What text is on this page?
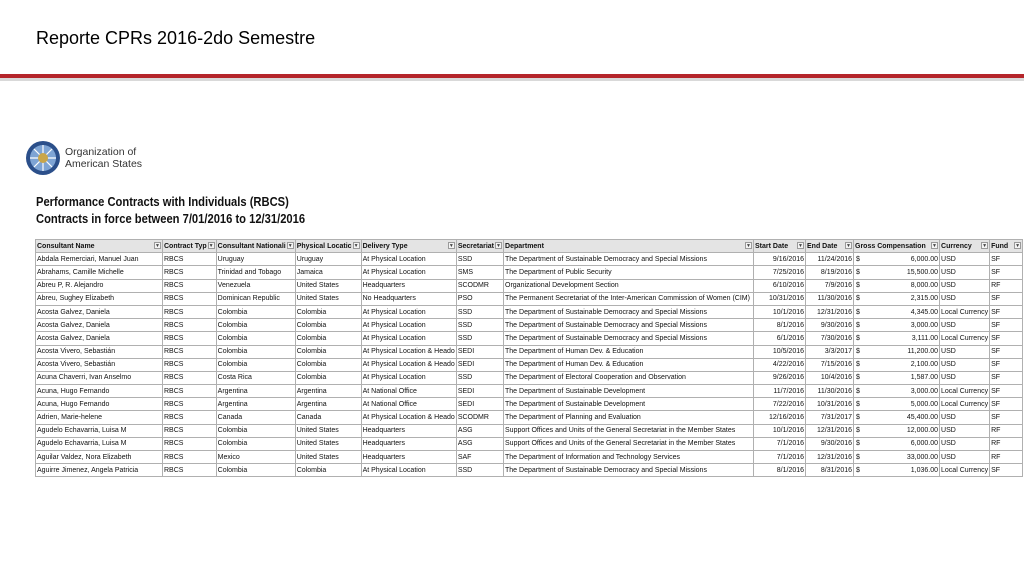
Reporte CPRs 2016-2do Semestre
Organization of
American States
Performance Contracts with Individuals (RBCS)
Contracts in force between 7/01/2016 to 12/31/2016
Consultant Name ▼	Contract Typ ▼	Consultant Nationali ▼	Physical Locatic ▼	Delivery Type ▼	Secretariat ▼	Department ▼	Start Date ▼	End Date ▼	Gross Compensation ▼	Currency ▼	Fund ▼

Abdala Remerciari, Manuel Juan	RBCS	Uruguay	Uruguay	At Physical Location	SSD	The Department of Sustainable Democracy and Special Missions	9/16/2016	11/24/2016	$ 6,000.00	USD	SF
Abrahams, Camille Michelle	RBCS	Trinidad and Tobago	Jamaica	At Physical Location	SMS	The Department of Public Security	7/25/2016	8/19/2016	$ 15,500.00	USD	SF
Abreu P, R. Alejandro	RBCS	Venezuela	United States	Headquarters	SCODMR	Organizational Development Section	6/10/2016	7/9/2016	$ 8,000.00	USD	RF
Abreu, Sughey Elizabeth	RBCS	Dominican Republic	United States	No Headquarters	PSO	The Permanent Secretariat of the Inter-American Commission of Women (CIM)	10/31/2016	11/30/2016	$ 2,315.00	USD	SF
Acosta Galvez, Daniela	RBCS	Colombia	Colombia	At Physical Location	SSD	The Department of Sustainable Democracy and Special Missions	10/1/2016	12/31/2016	$ 4,345.00	Local Currency	SF
Acosta Galvez, Daniela	RBCS	Colombia	Colombia	At Physical Location	SSD	The Department of Sustainable Democracy and Special Missions	8/1/2016	9/30/2016	$ 3,000.00	USD	SF
Acosta Galvez, Daniela	RBCS	Colombia	Colombia	At Physical Location	SSD	The Department of Sustainable Democracy and Special Missions	6/1/2016	7/30/2016	$ 3,111.00	Local Currency	SF
Acosta Vivero, Sebastián	RBCS	Colombia	Colombia	At Physical Location & Heado	SEDI	The Department of Human Dev. & Education	10/5/2016	3/3/2017	$ 11,200.00	USD	SF
Acosta Vivero, Sebastián	RBCS	Colombia	Colombia	At Physical Location & Heado	SEDI	The Department of Human Dev. & Education	4/22/2016	7/15/2016	$ 2,100.00	USD	SF
Acuna Chaverri, Ivan Anselmo	RBCS	Costa Rica	Colombia	At Physical Location	SSD	The Department of Electoral Cooperation and Observation	9/26/2016	10/4/2016	$ 1,587.00	USD	SF
Acuna, Hugo Fernando	RBCS	Argentina	Argentina	At National Office	SEDI	The Department of Sustainable Development	11/7/2016	11/30/2016	$ 3,000.00	Local Currency	SF
Acuna, Hugo Fernando	RBCS	Argentina	Argentina	At National Office	SEDI	The Department of Sustainable Development	7/22/2016	10/31/2016	$ 5,000.00	Local Currency	SF
Adrien, Marie-helene	RBCS	Canada	Canada	At Physical Location & Heado	SCODMR	The Department of Planning and Evaluation	12/16/2016	7/31/2017	$ 45,400.00	USD	SF
Agudelo Echavarria, Luisa M	RBCS	Colombia	United States	Headquarters	ASG	Support Offices and Units of the General Secretariat in the Member States	10/1/2016	12/31/2016	$ 12,000.00	USD	RF
Agudelo Echavarria, Luisa M	RBCS	Colombia	United States	Headquarters	ASG	Support Offices and Units of the General Secretariat in the Member States	7/1/2016	9/30/2016	$ 6,000.00	USD	RF
Aguilar Valdez, Nora Elizabeth	RBCS	Mexico	United States	Headquarters	SAF	The Department of Information and Technology Services	7/1/2016	12/31/2016	$ 33,000.00	USD	RF
Aguirre Jimenez, Angela Patricia	RBCS	Colombia	Colombia	At Physical Location	SSD	The Department of Sustainable Democracy and Special Missions	8/1/2016	8/31/2016	$ 1,036.00	Local Currency	SF
